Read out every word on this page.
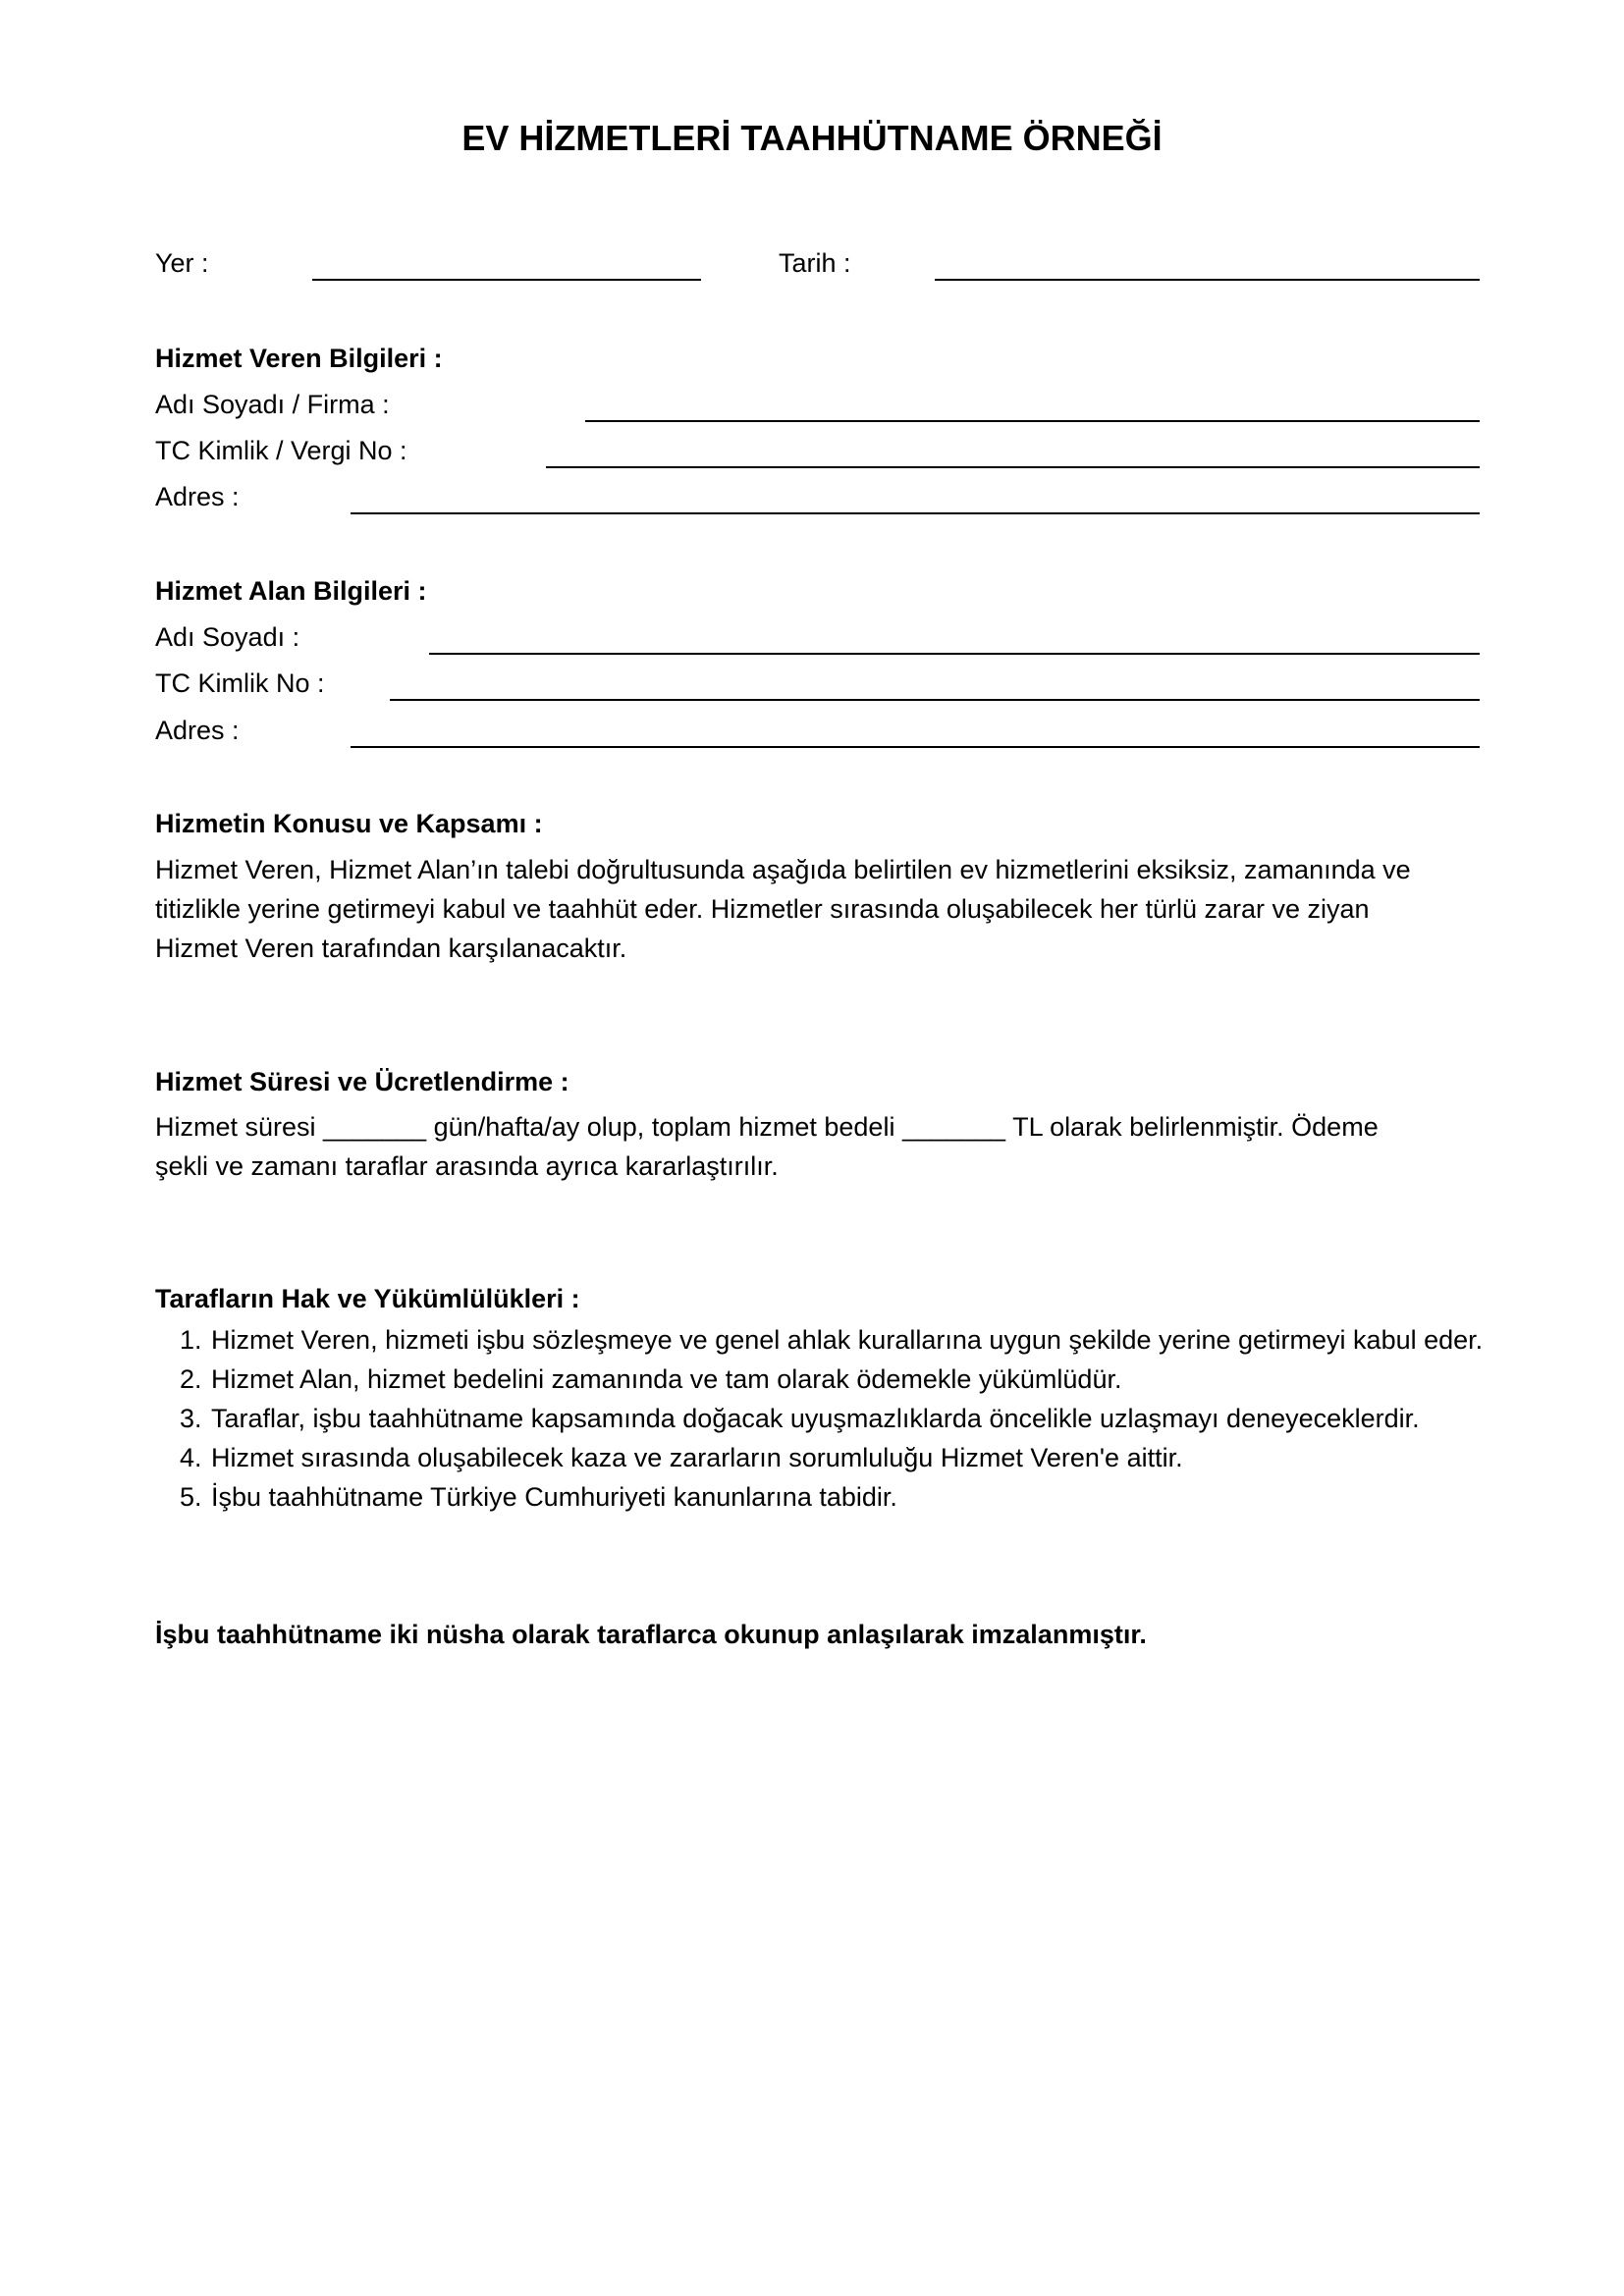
EV HİZMETLERİ TAAHHÜTNAME ÖRNEĞİ
Yer :	Tarih :
Hizmet Veren Bilgileri :
Adı Soyadı / Firma :
TC Kimlik / Vergi No :
Adres :
Hizmet Alan Bilgileri :
Adı Soyadı :
TC Kimlik No :
Adres :
Hizmetin Konusu ve Kapsamı :
Hizmet Veren, Hizmet Alan’ın talebi doğrultusunda aşağıda belirtilen ev hizmetlerini eksiksiz, zamanında ve
titizlikle yerine getirmeyi kabul ve taahhüt eder. Hizmetler sırasında oluşabilecek her türlü zarar ve ziyan
Hizmet Veren tarafından karşılanacaktır.
Hizmet Süresi ve Ücretlendirme :
Hizmet süresi _______ gün/hafta/ay olup, toplam hizmet bedeli _______ TL olarak belirlenmiştir. Ödeme
şekli ve zamanı taraflar arasında ayrıca kararlaştırılır.
Tarafların Hak ve Yükümlülükleri :
1. Hizmet Veren, hizmeti işbu sözleşmeye ve genel ahlak kurallarına uygun şekilde yerine getirmeyi kabul eder.
2. Hizmet Alan, hizmet bedelini zamanında ve tam olarak ödemekle yükümlüdür.
3. Taraflar, işbu taahhütname kapsamında doğacak uyuşmazlıklarda öncelikle uzlaşmayı deneyeceklerdir.
4. Hizmet sırasında oluşabilecek kaza ve zararların sorumluluğu Hizmet Veren'e aittir.
5. İşbu taahhütname Türkiye Cumhuriyeti kanunlarına tabidir.
İşbu taahhütname iki nüsha olarak taraflarca okunup anlaşılarak imzalanmıştır.
